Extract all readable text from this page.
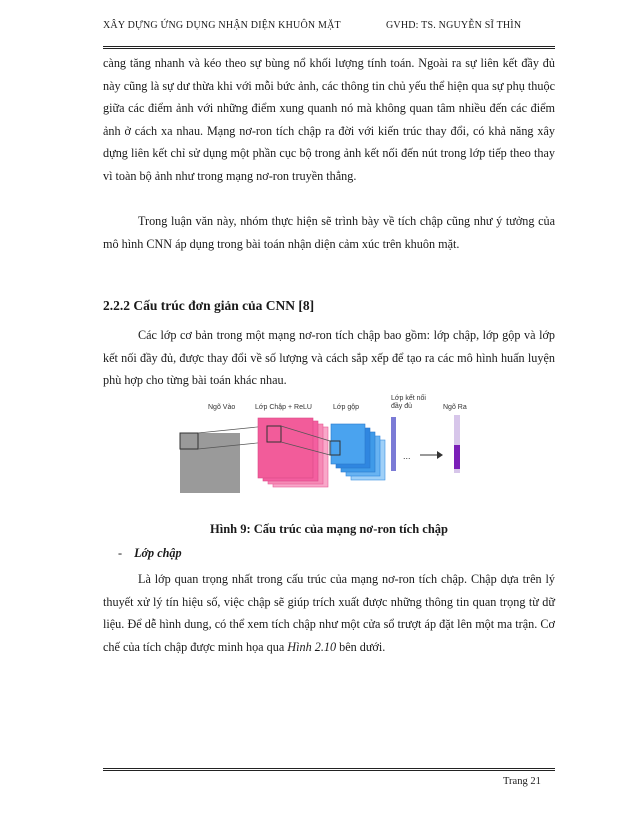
XÂY DỰNG ỨNG DỤNG NHẬN DIỆN KHUÔN MẶT	GVHD: TS. NGUYỄN SĨ THÌN

càng tăng nhanh và kéo theo sự bùng nổ khối lượng tính toán. Ngoài ra sự liên kết đầy đủ này cũng là sự dư thừa khi với mỗi bức ảnh, các thông tin chủ yếu thể hiện qua sự phụ thuộc giữa các điểm ảnh với những điểm xung quanh nó mà không quan tâm nhiều đến các điểm ảnh ở cách xa nhau. Mạng nơ-ron tích chập ra đời với kiến trúc thay đổi, có khả năng xây dựng liên kết chỉ sử dụng một phần cục bộ trong ảnh kết nối đến nút trong lớp tiếp theo thay vì toàn bộ ảnh như trong mạng nơ-ron truyền thẳng.

Trong luận văn này, nhóm thực hiện sẽ trình bày về tích chập cũng như ý tưởng của mô hình CNN áp dụng trong bài toán nhận diện cảm xúc trên khuôn mặt.

2.2.2 Cấu trúc đơn giản của CNN [8]

Các lớp cơ bản trong một mạng nơ-ron tích chập bao gồm: lớp chập, lớp gộp và lớp kết nối đầy đủ, được thay đổi về số lượng và cách sắp xếp để tạo ra các mô hình huấn luyện phù hợp cho từng bài toán khác nhau.

Ngõ Vào	Lớp Chập + ReLU	Lớp gộp
Lớp kết nối đầy đủ	Ngõ Ra
...

Hình 9: Cấu trúc của mạng nơ-ron tích chập

- Lớp chập

Là lớp quan trọng nhất trong cấu trúc của mạng nơ-ron tích chập. Chập dựa trên lý thuyết xử lý tín hiệu số, việc chập sẽ giúp trích xuất được những thông tin quan trọng từ dữ liệu. Để dễ hình dung, có thể xem tích chập như một cửa sổ trượt áp đặt lên một ma trận. Cơ chế của tích chập được minh họa qua Hình 2.10 bên dưới.

Trang 21
